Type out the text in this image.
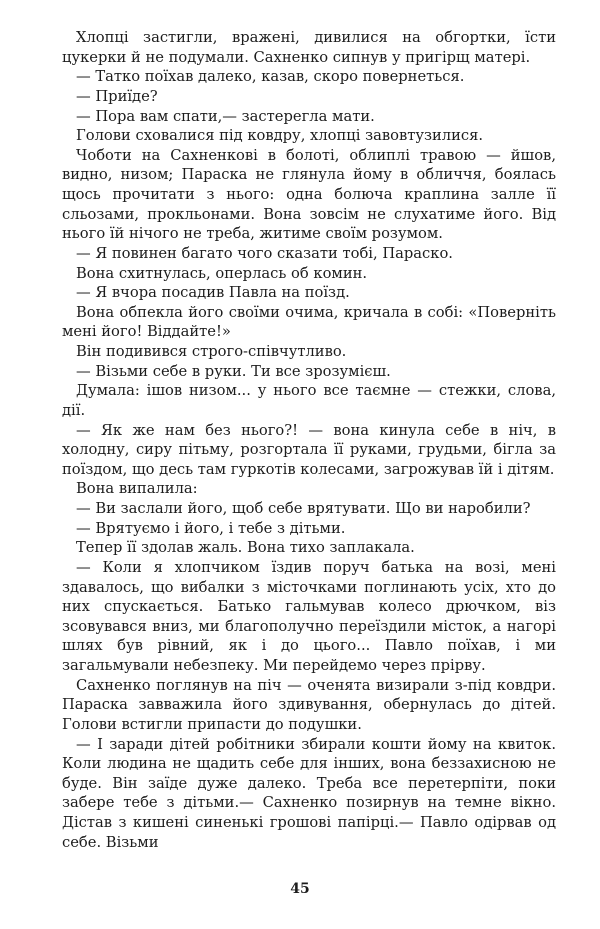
Хлопці застигли, вражені, дивилися на обгортки, їсти цукерки й не подумали. Сахненко сипнув у пригірщ матері.

— Татко поїхав далеко, казав, скоро повернеться.

— Приїде?

— Пора вам спати,— застерегла мати.

Голови сховалися під ковдру, хлопці завовтузилися.

Чоботи на Сахненкові в болоті, облиплі травою — йшов, видно, низом; Параска не глянула йому в обличчя, боялась щось прочитати з нього: одна болюча краплина залле її сльозами, прокльонами. Вона зовсім не слухатиме його. Від нього їй нічого не треба, житиме своїм розумом.

— Я повинен багато чого сказати тобі, Параско.

Вона схитнулась, оперлась об комин.

— Я вчора посадив Павла на поїзд.

Вона обпекла його своїми очима, кричала в собі: «Поверніть мені його! Віддайте!»

Він подивився строго-співчутливо.

— Візьми себе в руки. Ти все зрозумієш.

Думала: ішов низом... у нього все таємне — стежки, слова, дії.

— Як же нам без нього?! — вона кинула себе в ніч, в холодну, сиру пітьму, розгортала її руками, грудьми, бігла за поїздом, що десь там гуркотів колесами, загрожував їй і дітям.

Вона випалила:

— Ви заслали його, щоб себе врятувати. Що ви наробили?

— Врятуємо і його, і тебе з дітьми.

Тепер її здолав жаль. Вона тихо заплакала.

— Коли я хлопчиком їздив поруч батька на возі, мені здавалось, що вибалки з місточками поглинають усіх, хто до них спускається. Батько гальмував колесо дрючком, віз зсовувався вниз, ми благополучно переїздили місток, а нагорі шлях був рівний, як і до цього... Павло поїхав, і ми загальмували небезпеку. Ми перейдемо через прірву.

Сахненко поглянув на піч — оченята визирали з-під ковдри. Параска завважила його здивування, обернулась до дітей. Голови встигли припасти до подушки.

— І заради дітей робітники збирали кошти йому на квиток. Коли людина не щадить себе для інших, вона беззахисною не буде. Він заїде дуже далеко. Треба все перетерпіти, поки забере тебе з дітьми.— Сахненко позирнув на темне вікно. Дістав з кишені синенькі грошові папірці.— Павло одірвав од себе. Візьми

45
